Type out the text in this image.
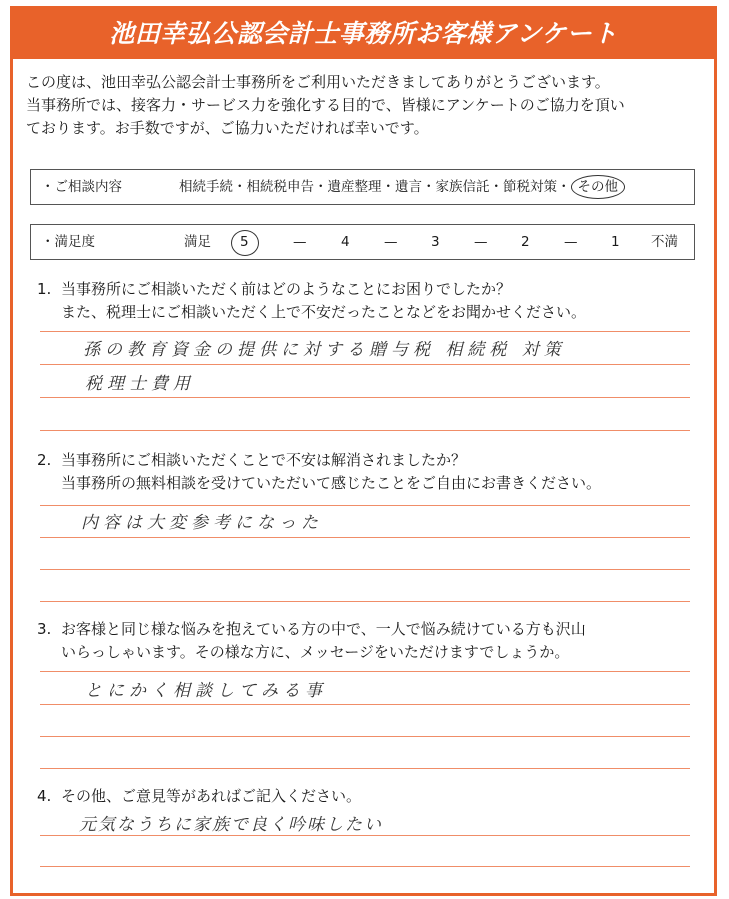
池田幸弘公認会計士事務所お客様アンケート
この度は、池田幸弘公認会計士事務所をご利用いただきましてありがとうございます。
当事務所では、接客力・サービス力を強化する目的で、皆様にアンケートのご協力を頂い
ております。お手数ですが、ご協力いただければ幸いです。
・ご相談内容	相続手続・相続税申告・遺産整理・遺言・家族信託・節税対策・ その他
・満足度	満足 5	—	4	— 3	— 2	— 1 不満
1. 当事務所にご相談いただく前はどのようなことにお困りでしたか？
また、税理士にご相談いただく上で不安だったことなどをお聞かせください。
孫の教育資金の提供に対する贈与税 相続税 対策
税理士費用
2. 当事務所にご相談いただくことで不安は解消されましたか？
当事務所の無料相談を受けていただいて感じたことをご自由にお書きください。
内容は大変参考になった
3. お客様と同じ様な悩みを抱えている方の中で、一人で悩み続けている方も沢山
いらっしゃいます。その様な方に、メッセージをいただけますでしょうか。
とにかく相談してみる事
4. その他、ご意見等があればご記入ください。
元気なうちに家族で良く吟味したい
